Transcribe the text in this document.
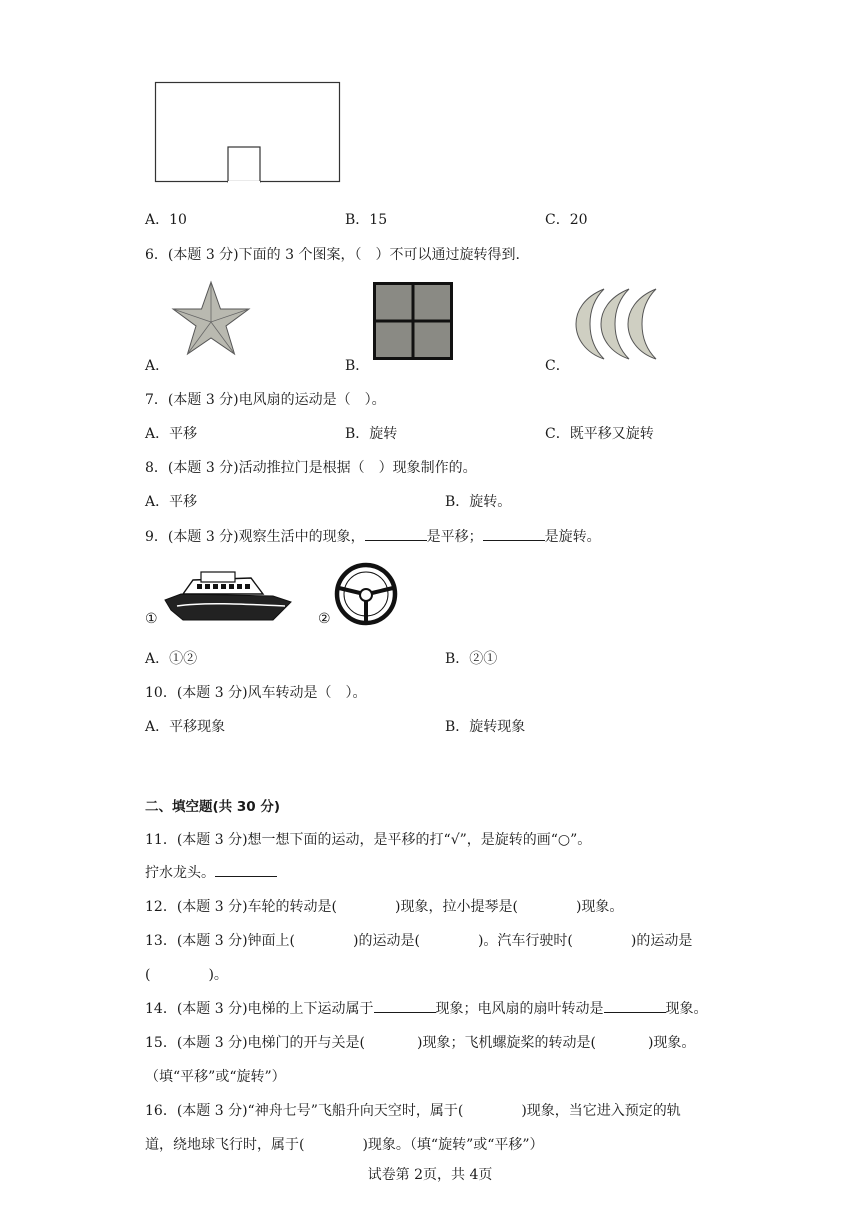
A．10	B．15	C．20
6．(本题 3 分)下面的 3 个图案，（　）不可以通过旋转得到.
A．	B．	C．
7．(本题 3 分)电风扇的运动是（　）。
A．平移	B．旋转	C．既平移又旋转
8．(本题 3 分)活动推拉门是根据（　）现象制作的。
A．平移	B．旋转。
9．(本题 3 分)观察生活中的现象，	是平移；	是旋转。
①	②
A．①②	B．②①
10．(本题 3 分)风车转动是（　）。
A．平移现象	B．旋转现象
二、填空题(共 30 分)
11．(本题 3 分)想一想下面的运动，是平移的打“√”，是旋转的画“○”。
拧水龙头。
12．(本题 3 分)车轮的转动是(	)现象，拉小提琴是(	)现象。
13．(本题 3 分)钟面上(	)的运动是(	)。汽车行驶时(	)的运动是
(	)。
14．(本题 3 分)电梯的上下运动属于	现象；电风扇的扇叶转动是	现象。
15．(本题 3 分)电梯门的开与关是(	)现象；飞机螺旋桨的转动是(	)现象。
（填“平移”或“旋转”）
16．(本题 3 分)“神舟七号”飞船升向天空时，属于(	)现象，当它进入预定的轨
道，绕地球飞行时，属于(	)现象。（填“旋转”或“平移”）
试卷第 2页，共 4页
